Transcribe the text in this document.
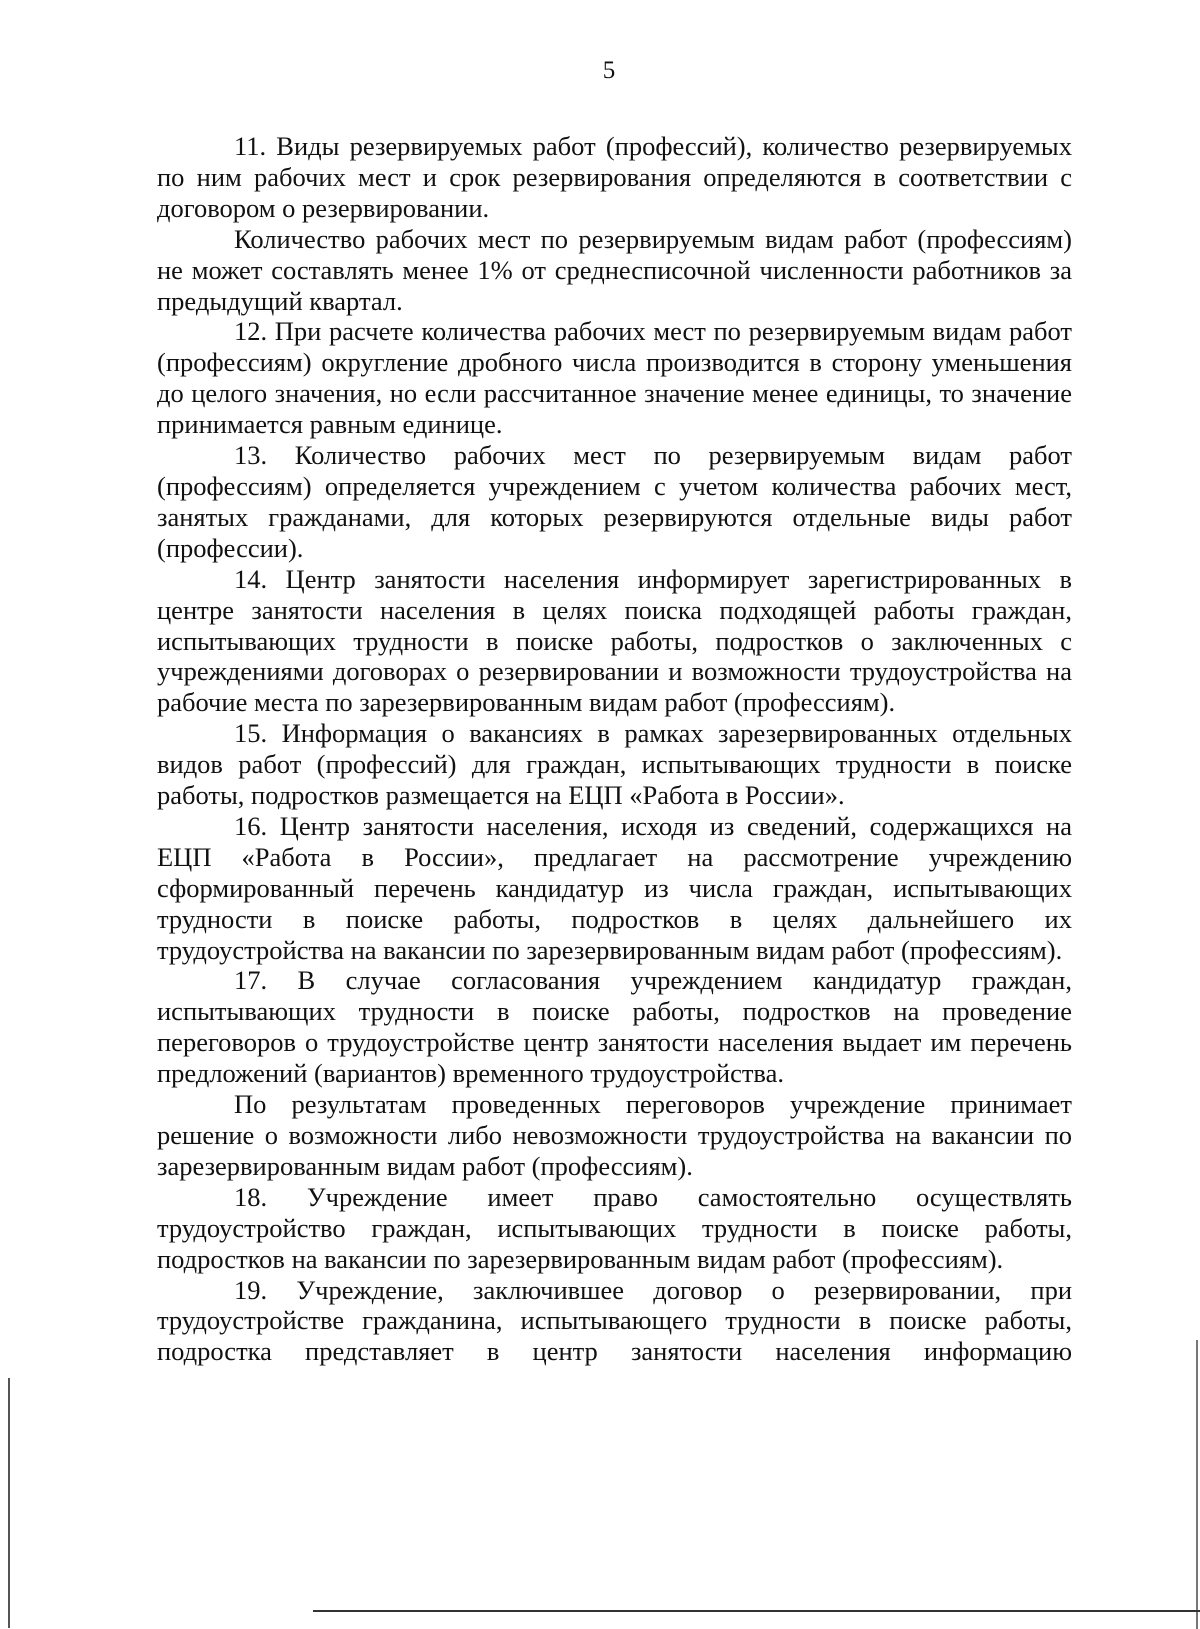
5

11. Виды резервируемых работ (профессий), количество резервируемых по ним рабочих мест и срок резервирования определяются в соответствии с договором о резервировании.

Количество рабочих мест по резервируемым видам работ (профессиям) не может составлять менее 1% от среднесписочной численности работников за предыдущий квартал.

12. При расчете количества рабочих мест по резервируемым видам работ (профессиям) округление дробного числа производится в сторону уменьшения до целого значения, но если рассчитанное значение менее единицы, то значение принимается равным единице.

13. Количество рабочих мест по резервируемым видам работ (профессиям) определяется учреждением с учетом количества рабочих мест, занятых гражданами, для которых резервируются отдельные виды работ (профессии).

14. Центр занятости населения информирует зарегистрированных в центре занятости населения в целях поиска подходящей работы граждан, испытывающих трудности в поиске работы, подростков о заключенных с учреждениями договорах о резервировании и возможности трудоустройства на рабочие места по зарезервированным видам работ (профессиям).

15. Информация о вакансиях в рамках зарезервированных отдельных видов работ (профессий) для граждан, испытывающих трудности в поиске работы, подростков размещается на ЕЦП «Работа в России».

16. Центр занятости населения, исходя из сведений, содержащихся на ЕЦП «Работа в России», предлагает на рассмотрение учреждению сформированный перечень кандидатур из числа граждан, испытывающих трудности в поиске работы, подростков в целях дальнейшего их трудоустройства на вакансии по зарезервированным видам работ (профессиям).

17. В случае согласования учреждением кандидатур граждан, испытывающих трудности в поиске работы, подростков на проведение переговоров о трудоустройстве центр занятости населения выдает им перечень предложений (вариантов) временного трудоустройства.

По результатам проведенных переговоров учреждение принимает решение о возможности либо невозможности трудоустройства на вакансии по зарезервированным видам работ (профессиям).

18. Учреждение имеет право самостоятельно осуществлять трудоустройство граждан, испытывающих трудности в поиске работы, подростков на вакансии по зарезервированным видам работ (профессиям).

19. Учреждение, заключившее договор о резервировании, при трудоустройстве гражданина, испытывающего трудности в поиске работы, подростка представляет в центр занятости населения информацию
